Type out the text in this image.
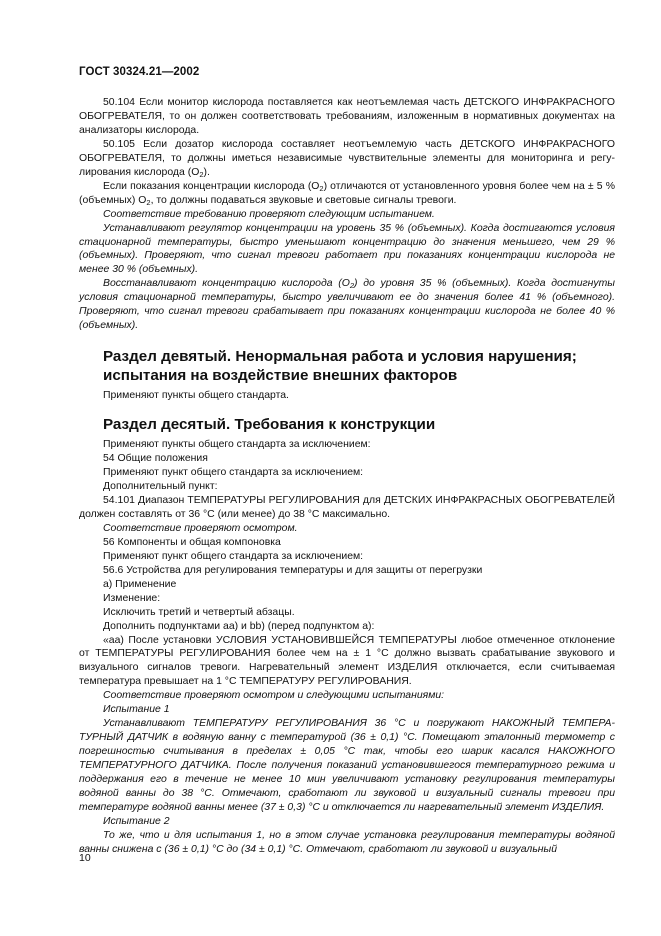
ГОСТ 30324.21—2002

50.104 Если монитор кислорода поставляется как неотъемлемая часть ДЕТСКОГО ИНФРАКРАСНОГО ОБОГРЕВАТЕЛЯ, то он должен соответствовать требованиям, изложенным в нормативных документах на анализаторы кислорода.

50.105 Если дозатор кислорода составляет неотъемлемую часть ДЕТСКОГО ИНФРАКРАСНОГО ОБОГРЕВАТЕЛЯ, то должны иметься независимые чувствительные элементы для мониторинга и регулирования кислорода $(O_2)$.

Если показания концентрации кислорода $(O_2)$ отличаются от установленного уровня более чем на ± 5 % (объемных) $O_2$, то должны подаваться звуковые и световые сигналы тревоги.

Соответствие требованию проверяют следующим испытанием.

Устанавливают регулятор концентрации на уровень 35 % (объемных). Когда достигаются условия стационарной температуры, быстро уменьшают концентрацию до значения меньшего, чем 29 % (объемных). Проверяют, что сигнал тревоги работает при показаниях концентрации кислорода не менее 30 % (объемных).

Восстанавливают концентрацию кислорода $(O_2)$ до уровня 35 % (объемных). Когда достигнуты условия стационарной температуры, быстро увеличивают ее до значения более 41 % (объемного). Проверяют, что сигнал тревоги срабатывает при показаниях концентрации кислорода не более 40 % (объемных).

Раздел девятый. Ненормальная работа и условия нарушения;

испытания на воздействие внешних факторов

Применяют пункты общего стандарта.

Раздел десятый. Требования к конструкции

Применяют пункты общего стандарта за исключением:

54 Общие положения

Применяют пункт общего стандарта за исключением:

Дополнительный пункт:

54.101 Диапазон ТЕМПЕРАТУРЫ РЕГУЛИРОВАНИЯ для ДЕТСКИХ ИНФРАКРАСНЫХ ОБОГРЕВАТЕЛЕЙ должен составлять от 36 °С (или менее) до 38 °С максимально.

Соответствие проверяют осмотром.

56 Компоненты и общая компоновка

Применяют пункт общего стандарта за исключением:

56.6 Устройства для регулирования температуры и для защиты от перегрузки

а) Применение

Изменение:

Исключить третий и четвертый абзацы.

Дополнить подпунктами аа) и bb) (перед подпунктом а):

«аа) После установки УСЛОВИЯ УСТАНОВИВШЕЙСЯ ТЕМПЕРАТУРЫ любое отмеченное отклонение от ТЕМПЕРАТУРЫ РЕГУЛИРОВАНИЯ более чем на ± 1 °С должно вызвать срабатывание звукового и визуального сигналов тревоги. Нагревательный элемент ИЗДЕЛИЯ отключается, если считываемая температура превышает на 1 °С ТЕМПЕРАТУРУ РЕГУЛИРОВАНИЯ.

Соответствие проверяют осмотром и следующими испытаниями:

Испытание 1

Устанавливают ТЕМПЕРАТУРУ РЕГУЛИРОВАНИЯ 36 °С и погружают НАКОЖНЫЙ ТЕМПЕРАТУРНЫЙ ДАТЧИК в водяную ванну с температурой (36 ± 0,1) °С. Помещают эталонный термометр с погрешностью считывания в пределах ± 0,05 °С так, чтобы его шарик касался НАКОЖНОГО ТЕМПЕРАТУРНОГО ДАТЧИКА. После получения показаний установившегося температурного режима и поддержания его в течение не менее 10 мин увеличивают установку регулирования температуры водяной ванны до 38 °С. Отмечают, сработают ли звуковой и визуальный сигналы тревоги при температуре водяной ванны менее (37 ± 0,3) °С и отключается ли нагревательный элемент ИЗДЕЛИЯ.

Испытание 2

То же, что и для испытания 1, но в этом случае установка регулирования температуры водяной ванны снижена с (36 ± 0,1) °С до (34 ± 0,1) °С. Отмечают, сработают ли звуковой и визуальный

10
